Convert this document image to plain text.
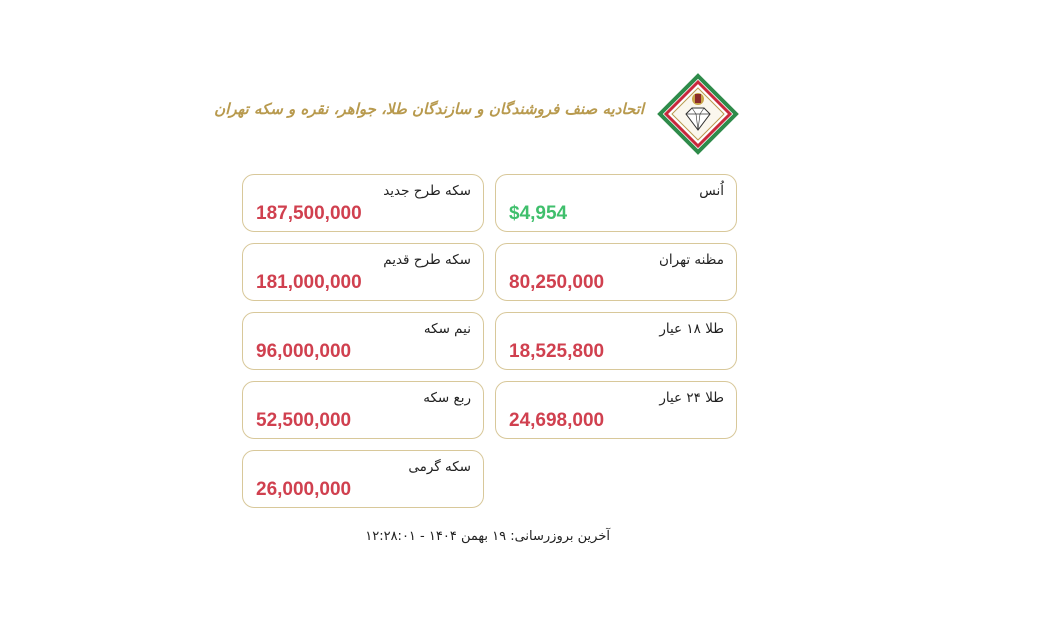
اتحادیه صنف فروشندگان و سازندگان طلا، جواهر، نقره و سکه تهران
اُنس
$4,954
سکه طرح جدید
187,500,000
مظنه تهران
80,250,000
سکه طرح قدیم
181,000,000
طلا ۱۸ عیار
18,525,800
نیم سکه
96,000,000
طلا ۲۴ عیار
24,698,000
ربع سکه
52,500,000
سکه گرمی
26,000,000
آخرین بروزرسانی: ۱۹ بهمن ۱۴۰۴ - ۱۲:۲۸:۰۱
